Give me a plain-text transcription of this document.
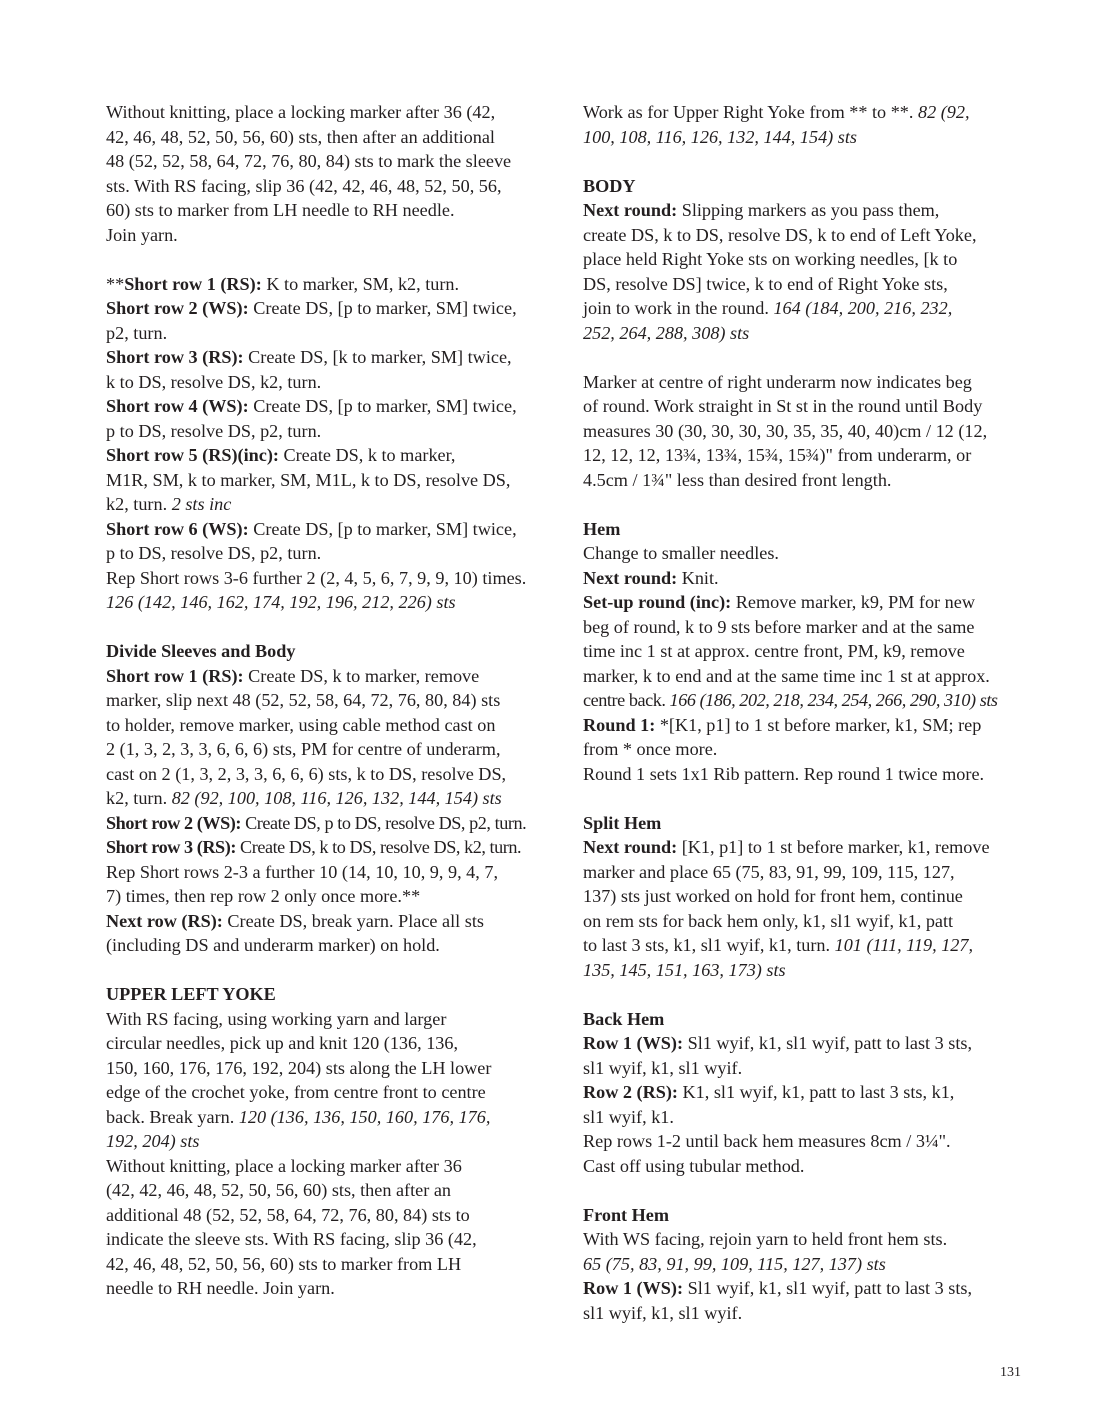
Without knitting, place a locking marker after 36 (42,
42, 46, 48, 52, 50, 56, 60) sts, then after an additional
48 (52, 52, 58, 64, 72, 76, 80, 84) sts to mark the sleeve
sts. With RS facing, slip 36 (42, 42, 46, 48, 52, 50, 56,
60) sts to marker from LH needle to RH needle.
Join yarn.
**Short row 1 (RS): K to marker, SM, k2, turn.
Short row 2 (WS): Create DS, [p to marker, SM] twice,
p2, turn.
Short row 3 (RS): Create DS, [k to marker, SM] twice,
k to DS, resolve DS, k2, turn.
Short row 4 (WS): Create DS, [p to marker, SM] twice,
p to DS, resolve DS, p2, turn.
Short row 5 (RS)(inc): Create DS, k to marker,
M1R, SM, k to marker, SM, M1L, k to DS, resolve DS,
k2, turn. 2 sts inc
Short row 6 (WS): Create DS, [p to marker, SM] twice,
p to DS, resolve DS, p2, turn.
Rep Short rows 3-6 further 2 (2, 4, 5, 6, 7, 9, 9, 10) times.
126 (142, 146, 162, 174, 192, 196, 212, 226) sts
Divide Sleeves and Body
Short row 1 (RS): Create DS, k to marker, remove
marker, slip next 48 (52, 52, 58, 64, 72, 76, 80, 84) sts
to holder, remove marker, using cable method cast on
2 (1, 3, 2, 3, 3, 6, 6, 6) sts, PM for centre of underarm,
cast on 2 (1, 3, 2, 3, 3, 6, 6, 6) sts, k to DS, resolve DS,
k2, turn. 82 (92, 100, 108, 116, 126, 132, 144, 154) sts
Short row 2 (WS): Create DS, p to DS, resolve DS, p2, turn.
Short row 3 (RS): Create DS, k to DS, resolve DS, k2, turn.
Rep Short rows 2-3 a further 10 (14, 10, 10, 9, 9, 4, 7,
7) times, then rep row 2 only once more.**
Next row (RS): Create DS, break yarn. Place all sts
(including DS and underarm marker) on hold.
UPPER LEFT YOKE
With RS facing, using working yarn and larger
circular needles, pick up and knit 120 (136, 136,
150, 160, 176, 176, 192, 204) sts along the LH lower
edge of the crochet yoke, from centre front to centre
back. Break yarn. 120 (136, 136, 150, 160, 176, 176,
192, 204) sts
Without knitting, place a locking marker after 36
(42, 42, 46, 48, 52, 50, 56, 60) sts, then after an
additional 48 (52, 52, 58, 64, 72, 76, 80, 84) sts to
indicate the sleeve sts. With RS facing, slip 36 (42,
42, 46, 48, 52, 50, 56, 60) sts to marker from LH
needle to RH needle. Join yarn.
Work as for Upper Right Yoke from ** to **. 82 (92,
100, 108, 116, 126, 132, 144, 154) sts
BODY
Next round: Slipping markers as you pass them,
create DS, k to DS, resolve DS, k to end of Left Yoke,
place held Right Yoke sts on working needles, [k to
DS, resolve DS] twice, k to end of Right Yoke sts,
join to work in the round. 164 (184, 200, 216, 232,
252, 264, 288, 308) sts
Marker at centre of right underarm now indicates beg
of round. Work straight in St st in the round until Body
measures 30 (30, 30, 30, 30, 35, 35, 40, 40)cm / 12 (12,
12, 12, 12, 13¾, 13¾, 15¾, 15¾)" from underarm, or
4.5cm / 1¾" less than desired front length.
Hem
Change to smaller needles.
Next round: Knit.
Set-up round (inc): Remove marker, k9, PM for new
beg of round, k to 9 sts before marker and at the same
time inc 1 st at approx. centre front, PM, k9, remove
marker, k to end and at the same time inc 1 st at approx.
centre back. 166 (186, 202, 218, 234, 254, 266, 290, 310) sts
Round 1: *[K1, p1] to 1 st before marker, k1, SM; rep
from * once more.
Round 1 sets 1x1 Rib pattern. Rep round 1 twice more.
Split Hem
Next round: [K1, p1] to 1 st before marker, k1, remove
marker and place 65 (75, 83, 91, 99, 109, 115, 127,
137) sts just worked on hold for front hem, continue
on rem sts for back hem only, k1, sl1 wyif, k1, patt
to last 3 sts, k1, sl1 wyif, k1, turn. 101 (111, 119, 127,
135, 145, 151, 163, 173) sts
Back Hem
Row 1 (WS): Sl1 wyif, k1, sl1 wyif, patt to last 3 sts,
sl1 wyif, k1, sl1 wyif.
Row 2 (RS): K1, sl1 wyif, k1, patt to last 3 sts, k1,
sl1 wyif, k1.
Rep rows 1-2 until back hem measures 8cm / 3¼".
Cast off using tubular method.
Front Hem
With WS facing, rejoin yarn to held front hem sts.
65 (75, 83, 91, 99, 109, 115, 127, 137) sts
Row 1 (WS): Sl1 wyif, k1, sl1 wyif, patt to last 3 sts,
sl1 wyif, k1, sl1 wyif.
131
